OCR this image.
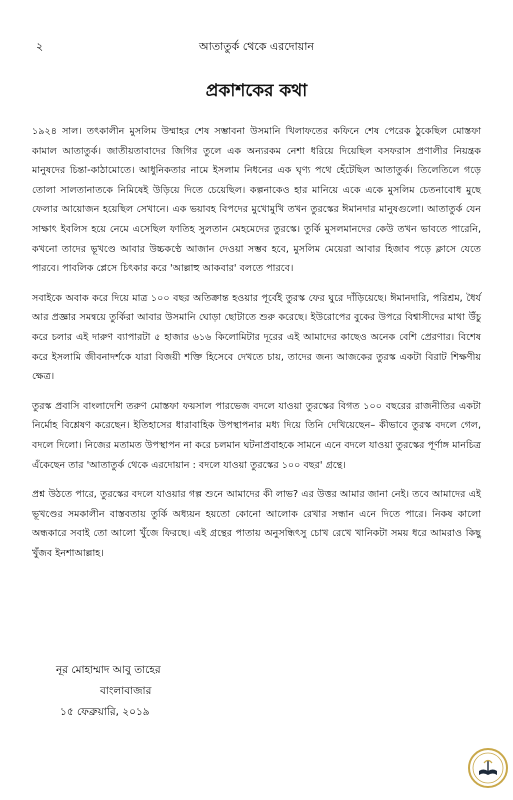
২	আতাতুর্ক থেকে এরদোয়ান
প্রকাশকের কথা

১৯২৪ সাল। তৎকালীন মুসলিম উম্মাহর শেষ সম্ভাবনা উসমানি খিলাফতের কফিনে শেষ পেরেক ঠুকেছিল মোস্তফা কামাল আতাতুর্ক। জাতীয়তাবাদের জিগির তুলে এক অন্যরকম নেশা ধরিয়ে দিয়েছিল বসফরাস প্রণালীর নিয়ন্ত্রক মানুষদের চিন্তা-কাঠামোতে। আধুনিকতার নামে ইসলাম নিধনের এক ঘৃণ্য পথে হেঁটেছিল আতাতুর্ক। তিলেতিলে গড়ে তোলা সালতানাতকে নিমিষেই উড়িয়ে দিতে চেয়েছিল। কল্পনাকেও হার মানিয়ে একে একে মুসলিম চেতনাবোধ মুছে ফেলার আয়োজন হয়েছিল সেখানে। এক ভয়াবহ বিপদের মুখোমুখি তখন তুরস্কের ঈমানদার মানুষগুলো। আতাতুর্ক যেন সাক্ষাৎ ইবলিস হয়ে নেমে এসেছিল ফাতিহ সুলতান মেহমেদের তুরস্কে। তুর্কি মুসলমানদের কেউ তখন ভাবতে পারেনি, কখনো তাদের ভূখণ্ডে আবার উচ্চকণ্ঠে আজান দেওয়া সম্ভব হবে, মুসলিম মেয়েরা আবার হিজাব পড়ে ক্লাসে যেতে পারবে। পাবলিক প্লেসে চিৎকার করে 'আল্লাহু আকবার' বলতে পারবে।

সবাইকে অবাক করে দিয়ে মাত্র ১০০ বছর অতিক্রান্ত হওয়ার পূর্বেই তুরস্ক ফের ঘুরে দাঁড়িয়েছে। ঈমানদারি, পরিশ্রম, ধৈর্য আর প্রজ্ঞার সমন্বয়ে তুর্কিরা আবার উসমানি ঘোড়া ছোটাতে শুরু করেছে। ইউরোপের বুকের উপরে বিশ্বাসীদের মাথা উঁচু করে চলার এই দারুণ ব্যাপারটা ৫ হাজার ৬১৬ কিলোমিটার দূরের এই আমাদের কাছেও অনেক বেশি প্রেরণার। বিশেষ করে ইসলামি জীবনাদর্শকে যারা বিজয়ী শক্তি হিসেবে দেখতে চায়, তাদের জন্য আজকের তুরস্ক একটা বিরাট শিক্ষণীয় ক্ষেত্র।

তুরস্ক প্রবাসি বাংলাদেশি তরুণ মোস্তফা ফয়সাল পারভেজ বদলে যাওয়া তুরস্কের বিগত ১০০ বছরের রাজনীতির একটা নির্মোহ বিশ্লেষণ করেছেন। ইতিহাসের ধারাবাহিক উপস্থাপনার মধ্য দিয়ে তিনি দেখিয়েছেন– কীভাবে তুরস্ক বদলে গেল, বদলে দিলো। নিজের মতামত উপস্থাপন না করে চলমান ঘটনাপ্রবাহকে সামনে এনে বদলে যাওয়া তুরস্কের পূর্ণাঙ্গ মানচিত্র এঁকেছেন তার 'আতাতুর্ক থেকে এরদোয়ান : বদলে যাওয়া তুরস্কের ১০০ বছর' গ্রন্থে।

প্রশ্ন উঠতে পারে, তুরস্কের বদলে যাওয়ার গল্প শুনে আমাদের কী লাভ? এর উত্তর আমার জানা নেই। তবে আমাদের এই ভূখণ্ডের সমকালীন বাস্তবতায় তুর্কি অধ্যয়ন হয়তো কোনো আলোক রেখার সন্ধান এনে দিতে পারে। নিকষ কালো অন্ধকারে সবাই তো আলো খুঁজে ফিরছে। এই গ্রন্থের পাতায় অনুসন্ধিৎসু চোখ রেখে খানিকটা সময় ধরে আমরাও কিছু খুঁজব ইনশাআল্লাহ।

নূর মোহাম্মাদ আবু তাহের
বাংলাবাজার
১৫ ফেব্রুয়ারি, ২০১৯
